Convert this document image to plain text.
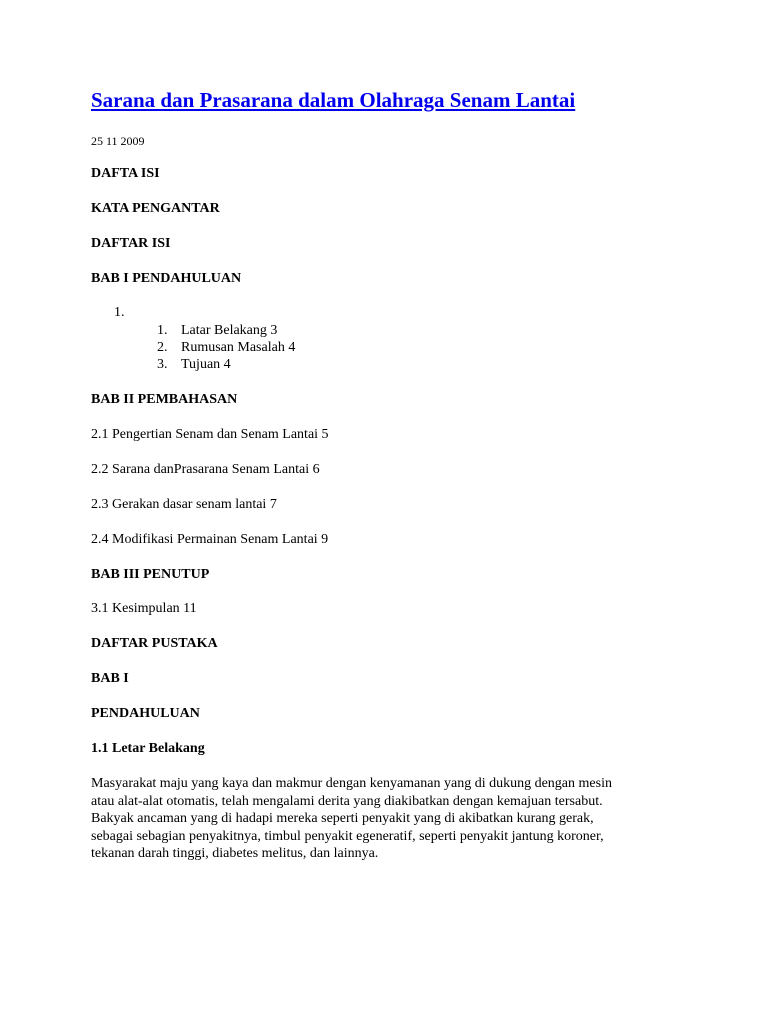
Sarana dan Prasarana dalam Olahraga Senam Lantai
25 11 2009
DAFTA ISI
KATA PENGANTAR
DAFTAR ISI
BAB I PENDAHULUAN
1.
1. Latar Belakang 3
2. Rumusan Masalah 4
3. Tujuan 4
BAB II PEMBAHASAN
2.1 Pengertian Senam dan Senam Lantai 5
2.2 Sarana danPrasarana Senam Lantai 6
2.3 Gerakan dasar senam lantai 7
2.4 Modifikasi Permainan Senam Lantai 9
BAB III PENUTUP
3.1 Kesimpulan 11
DAFTAR PUSTAKA
BAB I
PENDAHULUAN
1.1 Letar Belakang
Masyarakat maju yang kaya dan makmur dengan kenyamanan yang di dukung dengan mesin
atau alat-alat otomatis, telah mengalami derita yang diakibatkan dengan kemajuan tersabut.
Bakyak ancaman yang di hadapi mereka seperti penyakit yang di akibatkan kurang gerak,
sebagai sebagian penyakitnya, timbul penyakit egeneratif, seperti penyakit jantung koroner,
tekanan darah tinggi, diabetes melitus, dan lainnya.
